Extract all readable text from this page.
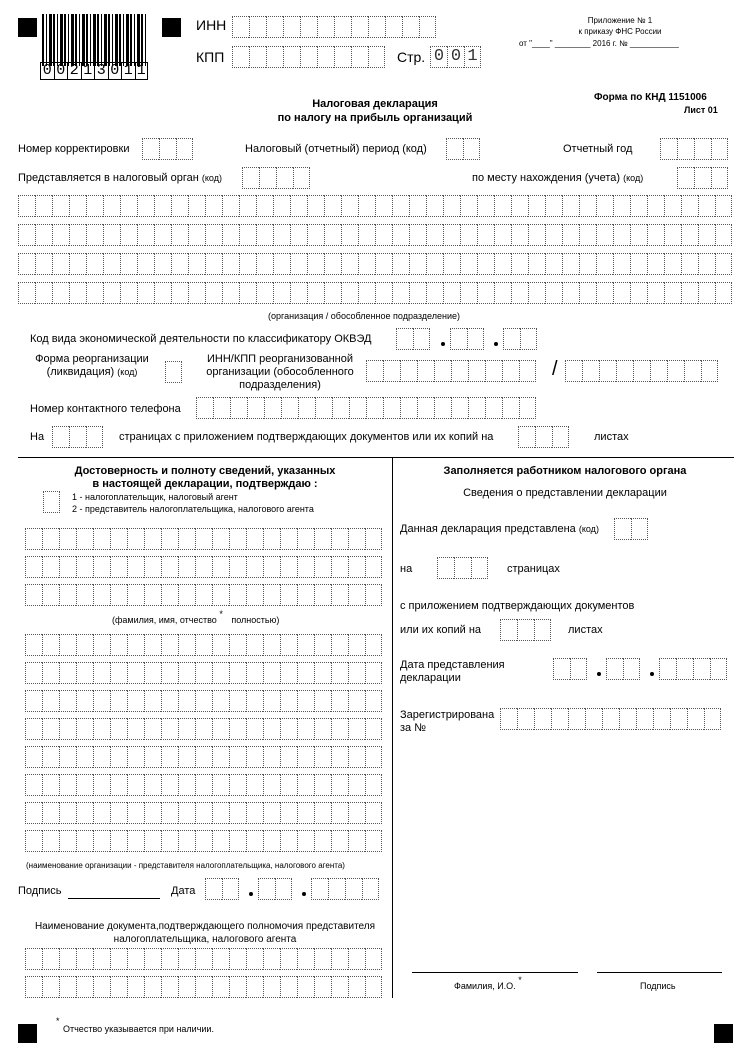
0 0 2 1 3 0 1 1
ИНН
КПП	Стр. 0 0 1
Приложение № 1
к приказу ФНС России
от "____" ________ 2016 г. № ___________
Налоговая декларация
по налогу на прибыль организаций
Форма по КНД 1151006
Лист 01
Номер корректировки	Налоговый (отчетный) период (код)	Отчетный год
Представляется в налоговый орган (код)	по месту нахождения (учета) (код)
(организация / обособленное подразделение)
Код вида экономической деятельности по классификатору ОКВЭД
Форма реорганизации
(ликвидация) (код)
ИНН/КПП реорганизованной
организации (обособленного
подразделения)
/
Номер контактного телефона
На	страницах с приложением подтверждающих документов или их копий на	листах
Достоверность и полноту сведений, указанных
в настоящей декларации, подтверждаю :
1 - налогоплательщик, налоговый агент
2 - представитель налогоплательщика, налогового агента
(фамилия, имя, отчество * полностью)
(наименование организации - представителя налогоплательщика, налогового агента)
Подпись	Дата
Наименование документа,подтверждающего полномочия представителя
налогоплательщика, налогового агента
Заполняется работником налогового органа
Сведения о представлении декларации
Данная декларация представлена (код)
на	страницах
с приложением подтверждающих документов
или их копий на	листах
Дата представления
декларации
Зарегистрирована
за №
Фамилия, И.О. *
Подпись
*
Отчество указывается при наличии.
